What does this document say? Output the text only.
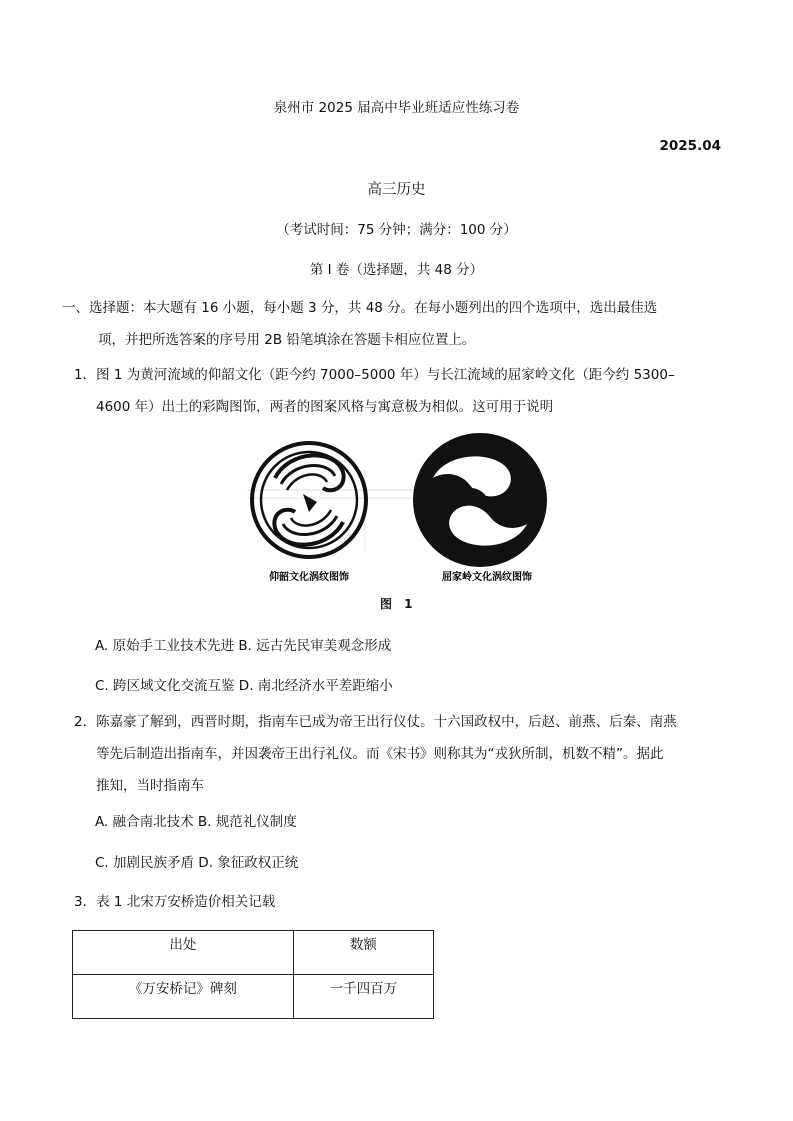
泉州市 2025 届高中毕业班适应性练习卷
2025.04
高三历史
（考试时间：75 分钟；满分：100 分）
第 I 卷（选择题，共 48 分）
一、选择题：本大题有 16 小题，每小题 3 分，共 48 分。在每小题列出的四个选项中，选出最佳选
项，并把所选答案的序号用 2B 铅笔填涂在答题卡相应位置上。
1．图 1 为黄河流域的仰韶文化（距今约 7000–5000 年）与长江流域的屈家岭文化（距今约 5300–
4600 年）出土的彩陶图饰，两者的图案风格与寓意极为相似。这可用于说明
仰韶文化涡纹图饰	屈家岭文化涡纹图饰
图 1
A. 原始手工业技术先进 B. 远古先民审美观念形成
C. 跨区域文化交流互鉴 D. 南北经济水平差距缩小
2．陈嘉豪了解到，西晋时期，指南车已成为帝王出行仪仗。十六国政权中，后赵、前燕、后秦、南燕
等先后制造出指南车，并因袭帝王出行礼仪。而《宋书》则称其为“戎狄所制，机数不精”。据此
推知，当时指南车
A. 融合南北技术 B. 规范礼仪制度
C. 加剧民族矛盾 D. 象征政权正统
3．表 1 北宋万安桥造价相关记载
出处	数额
《万安桥记》碑刻	一千四百万
